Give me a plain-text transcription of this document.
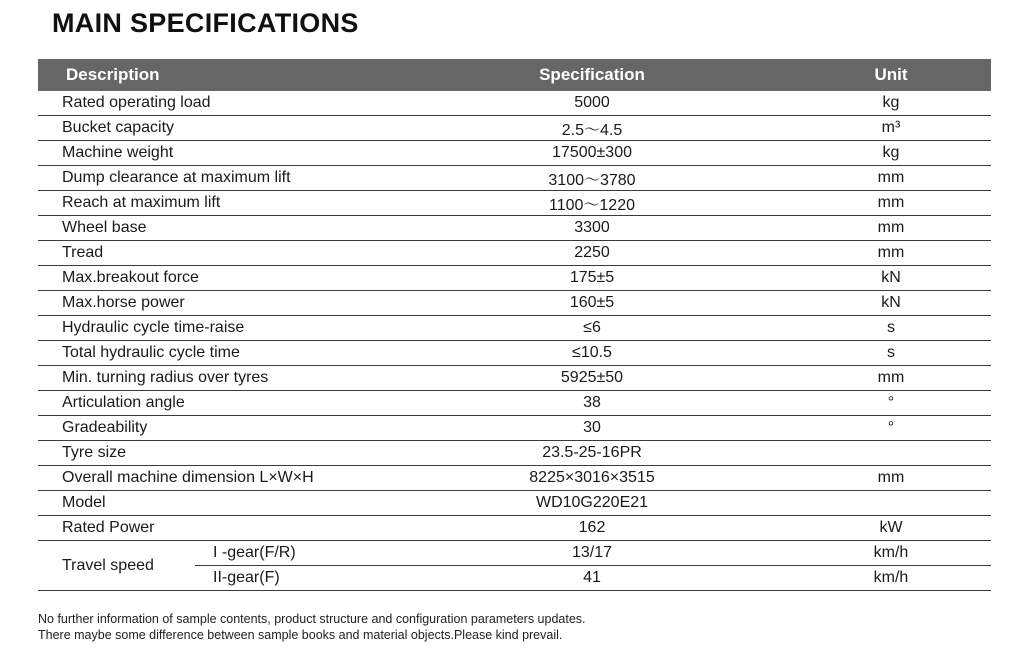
MAIN SPECIFICATIONS
Description	Specification	Unit
Rated operating load	5000	kg
Bucket capacity	2.5～4.5	m³
Machine weight	17500±300	kg
Dump clearance at maximum lift	3100～3780	mm
Reach at maximum lift	1100～1220	mm
Wheel base	3300	mm
Tread	2250	mm
Max.breakout force	175±5	kN
Max.horse power	160±5	kN
Hydraulic cycle time-raise	≤6	s
Total hydraulic cycle time	≤10.5	s
Min. turning radius over tyres	5925±50	mm
Articulation angle	38	°
Gradeability	30	°
Tyre size	23.5-25-16PR
Overall machine dimension L×W×H	8225×3016×3515	mm
Model	WD10G220E21
Rated Power	162	kW
Travel speed
I -gear(F/R)	13/17	km/h
II-gear(F)	41	km/h
No further information of sample contents, product structure and configuration parameters updates.
There maybe some difference between sample books and material objects.Please kind prevail.
